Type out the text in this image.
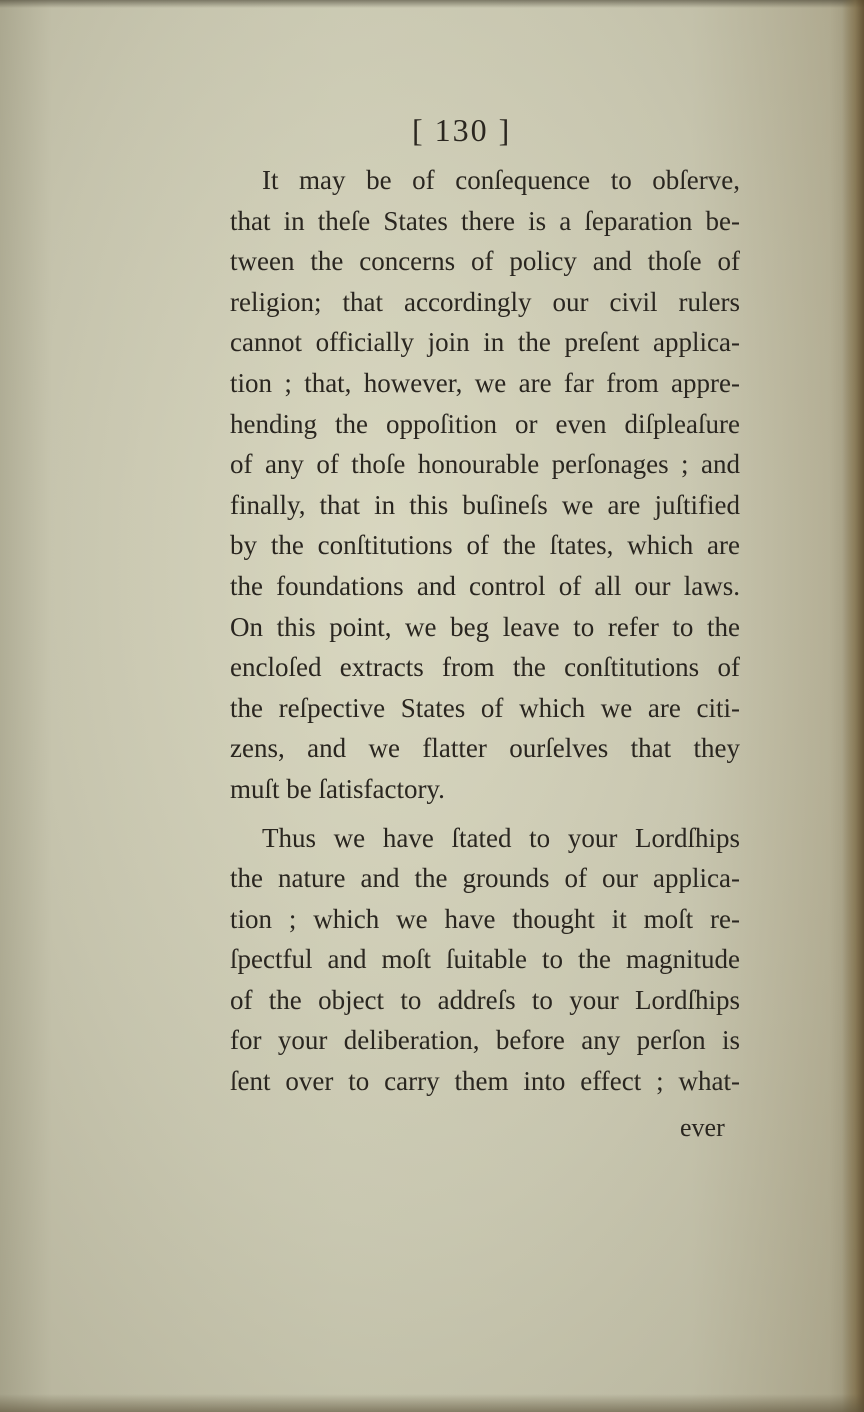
[ 130 ]
It may be of conſequence to obſerve,
that in theſe States there is a ſeparation be-
tween the concerns of policy and thoſe of
religion; that accordingly our civil rulers
cannot officially join in the preſent applica-
tion ; that, however, we are far from appre-
hending the oppoſition or even diſpleaſure
of any of thoſe honourable perſonages ; and
finally, that in this buſineſs we are juſtified
by the conſtitutions of the ſtates, which are
the foundations and control of all our laws.
On this point, we beg leave to refer to the
encloſed extracts from the conſtitutions of
the reſpective States of which we are citi-
zens, and we flatter ourſelves that they
muſt be ſatisfactory.
Thus we have ſtated to your Lordſhips
the nature and the grounds of our applica-
tion ; which we have thought it moſt re-
ſpectful and moſt ſuitable to the magnitude
of the object to addreſs to your Lordſhips
for your deliberation, before any perſon is
ſent over to carry them into effect ; what-
ever
